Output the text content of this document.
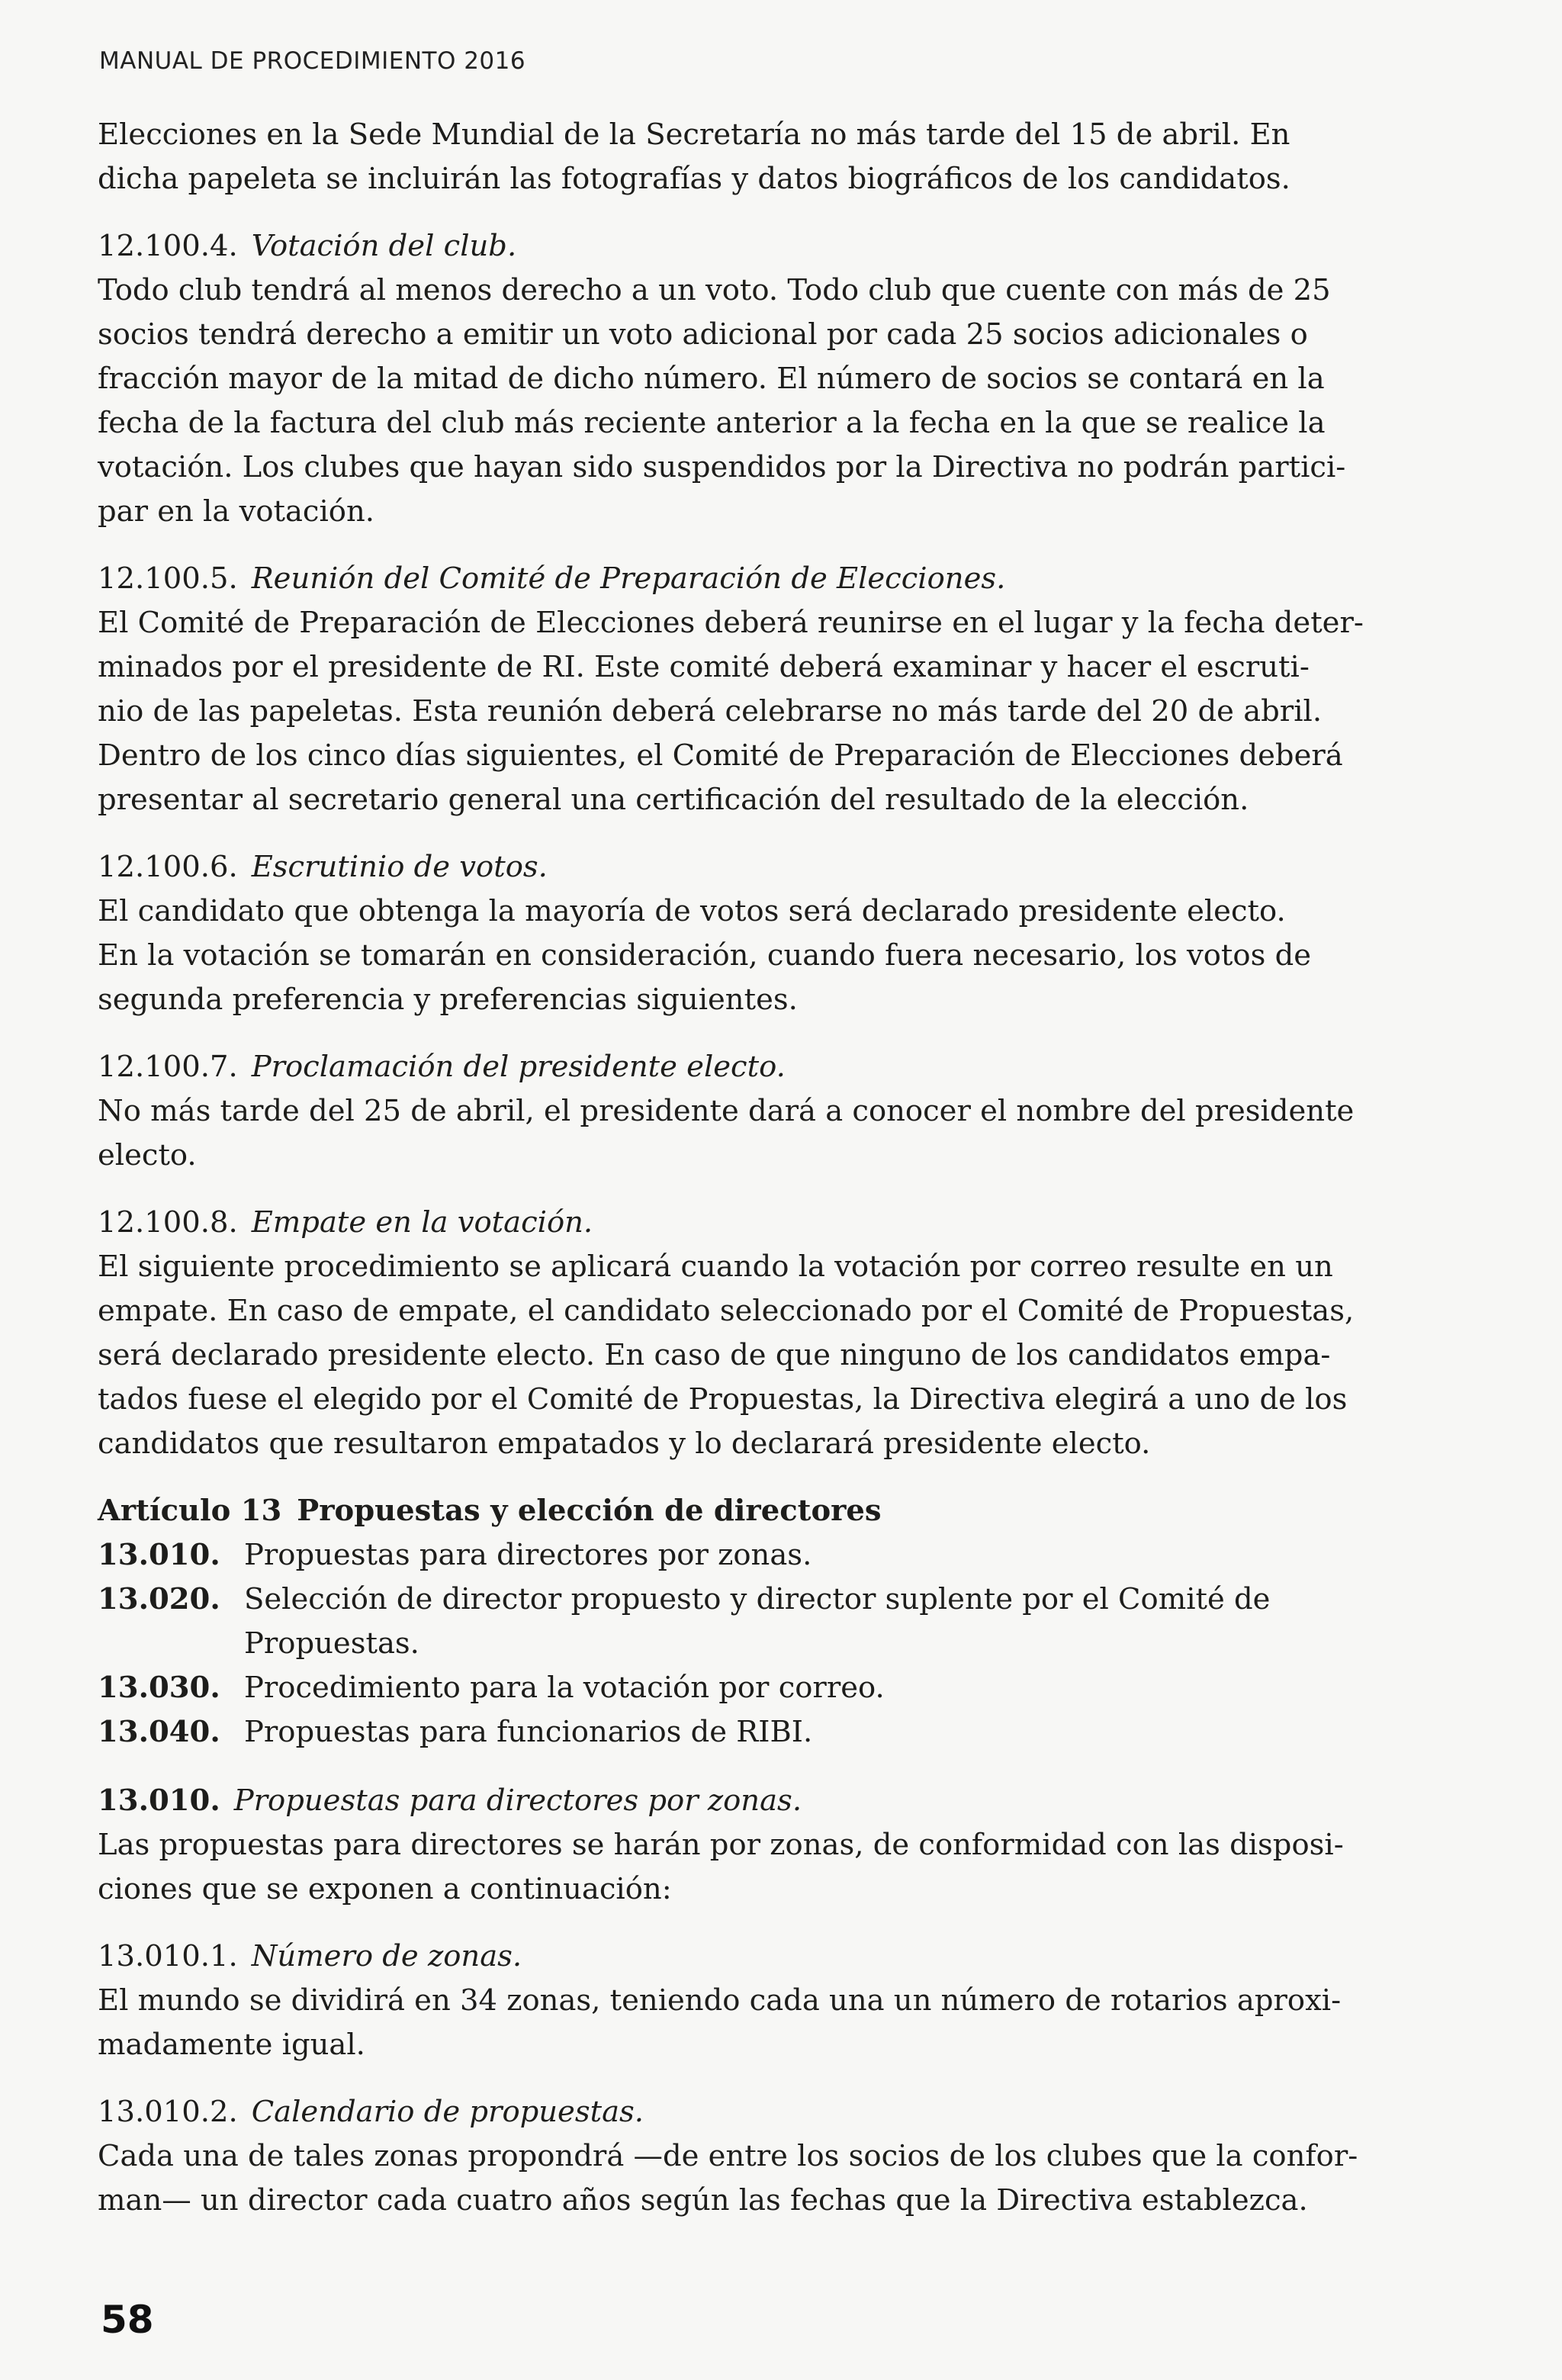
MANUAL DE PROCEDIMIENTO 2016

Elecciones en la Sede Mundial de la Secretaría no más tarde del 15 de abril. En

dicha papeleta se incluirán las fotografías y datos biográficos de los candidatos.

12.100.4. Votación del club.

Todo club tendrá al menos derecho a un voto. Todo club que cuente con más de 25

socios tendrá derecho a emitir un voto adicional por cada 25 socios adicionales o

fracción mayor de la mitad de dicho número. El número de socios se contará en la

fecha de la factura del club más reciente anterior a la fecha en la que se realice la

votación. Los clubes que hayan sido suspendidos por la Directiva no podrán partici-

par en la votación.

12.100.5. Reunión del Comité de Preparación de Elecciones.

El Comité de Preparación de Elecciones deberá reunirse en el lugar y la fecha deter-

minados por el presidente de RI. Este comité deberá examinar y hacer el escruti-

nio de las papeletas. Esta reunión deberá celebrarse no más tarde del 20 de abril.

Dentro de los cinco días siguientes, el Comité de Preparación de Elecciones deberá

presentar al secretario general una certificación del resultado de la elección.

12.100.6. Escrutinio de votos.

El candidato que obtenga la mayoría de votos será declarado presidente electo.

En la votación se tomarán en consideración, cuando fuera necesario, los votos de

segunda preferencia y preferencias siguientes.

12.100.7. Proclamación del presidente electo.

No más tarde del 25 de abril, el presidente dará a conocer el nombre del presidente

electo.

12.100.8. Empate en la votación.

El siguiente procedimiento se aplicará cuando la votación por correo resulte en un

empate. En caso de empate, el candidato seleccionado por el Comité de Propuestas,

será declarado presidente electo. En caso de que ninguno de los candidatos empa-

tados fuese el elegido por el Comité de Propuestas, la Directiva elegirá a uno de los

candidatos que resultaron empatados y lo declarará presidente electo.

Artículo 13 Propuestas y elección de directores

13.010. Propuestas para directores por zonas.

13.020. Selección de director propuesto y director suplente por el Comité de

Propuestas.

13.030. Procedimiento para la votación por correo.

13.040. Propuestas para funcionarios de RIBI.

13.010. Propuestas para directores por zonas.

Las propuestas para directores se harán por zonas, de conformidad con las disposi-

ciones que se exponen a continuación:

13.010.1. Número de zonas.

El mundo se dividirá en 34 zonas, teniendo cada una un número de rotarios aproxi-

madamente igual.

13.010.2. Calendario de propuestas.

Cada una de tales zonas propondrá —de entre los socios de los clubes que la confor-

man— un director cada cuatro años según las fechas que la Directiva establezca.

58
